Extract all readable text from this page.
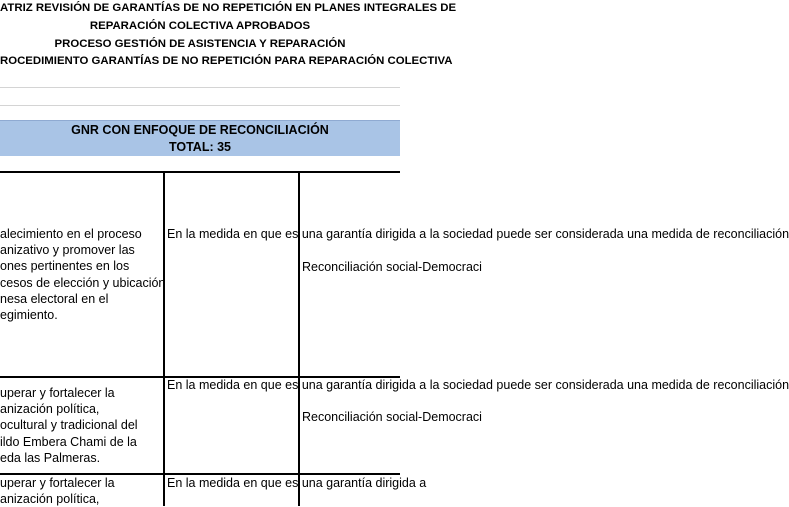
ATRIZ REVISIÓN DE GARANTÍAS DE NO REPETICIÓN EN PLANES INTEGRALES DE
REPARACIÓN COLECTIVA APROBADOS
PROCESO GESTIÓN DE ASISTENCIA Y REPARACIÓN
ROCEDIMIENTO GARANTÍAS DE NO REPETICIÓN PARA REPARACIÓN COLECTIVA
GNR CON ENFOQUE DE RECONCILIACIÓN
TOTAL: 35
alecimiento en el proceso
anizativo y promover las
ones pertinentes en los
cesos de elección y ubicación
nesa electoral en el
egimiento.
En la medida en que es una garantía dirigida a la sociedad puede ser considerada una medida de reconciliación
Reconciliación social-Democraci
uperar y fortalecer la
anización política,
ocultural y tradicional del
ildo Embera Chami de la
eda las Palmeras.
En la medida en que es una garantía dirigida a la sociedad puede ser considerada una medida de reconciliación
Reconciliación social-Democraci
uperar y fortalecer la
anización política,
En la medida en que es una garantía dirigida a
